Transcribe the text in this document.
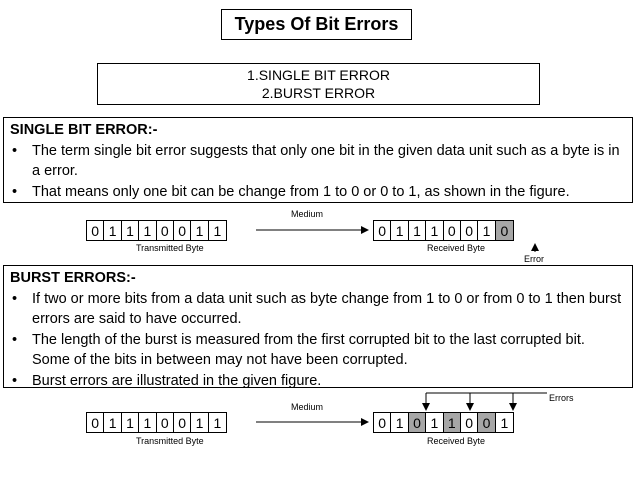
Types Of Bit Errors
1.SINGLE BIT ERROR
2.BURST ERROR
SINGLE BIT ERROR:-
• The term single bit error suggests that only one bit in the given data unit such as a byte is in a error.
• That means only one bit can be change from 1 to 0 or 0 to 1, as shown in the figure.
0 1 1 1 0 0 1 1	0 1 1 1 0 0 1 0
Medium
Transmitted Byte	Received Byte
Error
BURST ERRORS:-
• If two or more bits from a data unit such as byte change from 1 to 0 or from 0 to 1 then burst errors are said to have occurred.
• The length of the burst is measured from the first corrupted bit to the last corrupted bit. Some of the bits in between may not have been corrupted.
• Burst errors are illustrated in the given figure.
0 1 1 1 0 0 1 1	0 1 0 1 1 0 0 1
Medium
Transmitted Byte	Received Byte
Errors
